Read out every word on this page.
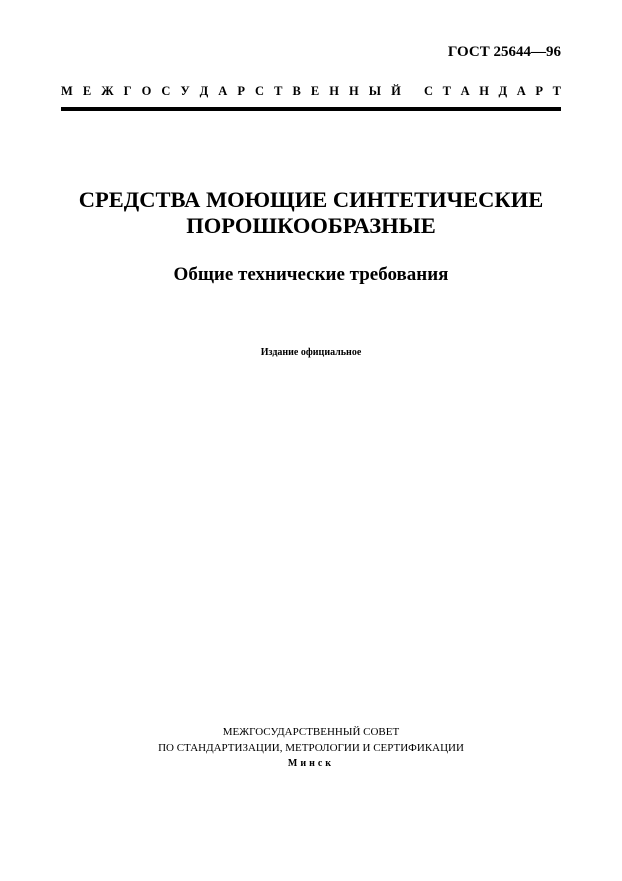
ГОСТ 25644—96
М Е Ж Г О С У Д А Р С Т В Е Н Н Ы Й С Т А Н Д А Р Т
СРЕДСТВА МОЮЩИЕ СИНТЕТИЧЕСКИЕ
ПОРОШКООБРАЗНЫЕ
Общие технические требования
Издание официальное
МЕЖГОСУДАРСТВЕННЫЙ СОВЕТ
ПО СТАНДАРТИЗАЦИИ, МЕТРОЛОГИИ И СЕРТИФИКАЦИИ
Минск
